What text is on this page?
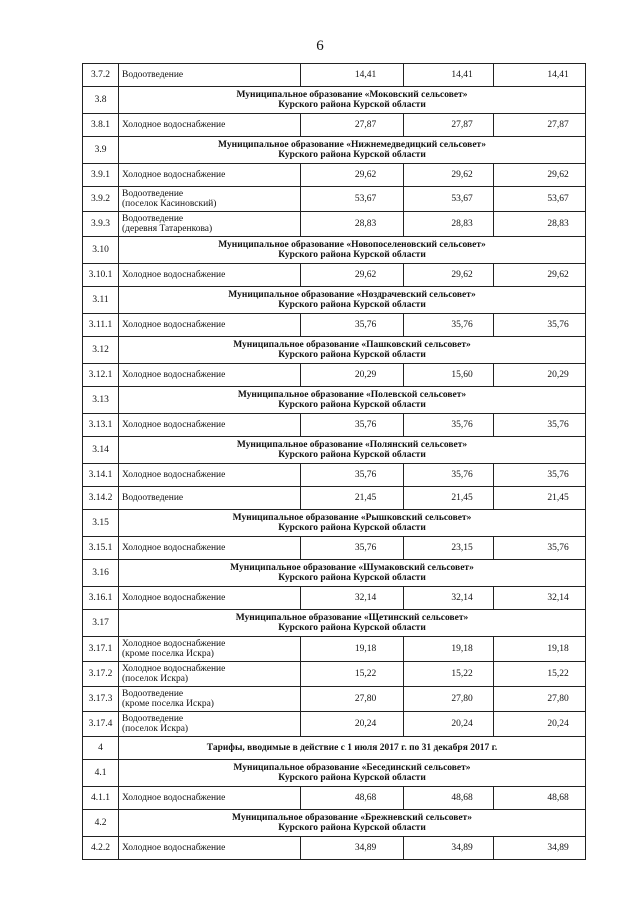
6
3.7.2	Водоотведение	14,41	14,41	14,41
3.8	Муниципальное образование «Моковский сельсовет»
Курского района Курской области			

3.8.1	Холодное водоснабжение	27,87	27,87	27,87
3.9	Муниципальное образование «Нижнемедведицкий сельсовет»
Курского района Курской области			

3.9.1	Холодное водоснабжение	29,62	29,62	29,62
3.9.2	Водоотведение
(поселок Касиновский)	53,67	53,67	53,67
3.9.3	Водоотведение
(деревня Татаренкова)	28,83	28,83	28,83
3.10	Муниципальное образование «Новопоселеновский сельсовет»
Курского района Курской области			

3.10.1	Холодное водоснабжение	29,62	29,62	29,62
3.11	Муниципальное образование «Ноздрачевский сельсовет»
Курского района Курской области			

3.11.1	Холодное водоснабжение	35,76	35,76	35,76
3.12	Муниципальное образование «Пашковский сельсовет»
Курского района Курской области			

3.12.1	Холодное водоснабжение	20,29	15,60	20,29
3.13	Муниципальное образование «Полевской сельсовет»
Курского района Курской области			

3.13.1	Холодное водоснабжение	35,76	35,76	35,76
3.14	Муниципальное образование «Полянский сельсовет»
Курского района Курской области			

3.14.1	Холодное водоснабжение	35,76	35,76	35,76
3.14.2	Водоотведение	21,45	21,45	21,45
3.15	Муниципальное образование «Рышковский сельсовет»
Курского района Курской области			

3.15.1	Холодное водоснабжение	35,76	23,15	35,76
3.16	Муниципальное образование «Шумаковский сельсовет»
Курского района Курской области			

3.16.1	Холодное водоснабжение	32,14	32,14	32,14
3.17	Муниципальное образование «Щетинский сельсовет»
Курского района Курской области			

3.17.1	Холодное водоснабжение
(кроме поселка Искра)	19,18	19,18	19,18
3.17.2	Холодное водоснабжение
(поселок Искра)	15,22	15,22	15,22
3.17.3	Водоотведение
(кроме поселка Искра)	27,80	27,80	27,80
3.17.4	Водоотведение
(поселок Искра)	20,24	20,24	20,24
4	Тарифы, вводимые в действие с 1 июля 2017 г. по 31 декабря 2017 г.			

4.1	Муниципальное образование «Бесединский сельсовет»
Курского района Курской области			

4.1.1	Холодное водоснабжение	48,68	48,68	48,68
4.2	Муниципальное образование «Брежневский сельсовет»
Курского района Курской области			

4.2.2	Холодное водоснабжение	34,89	34,89	34,89
